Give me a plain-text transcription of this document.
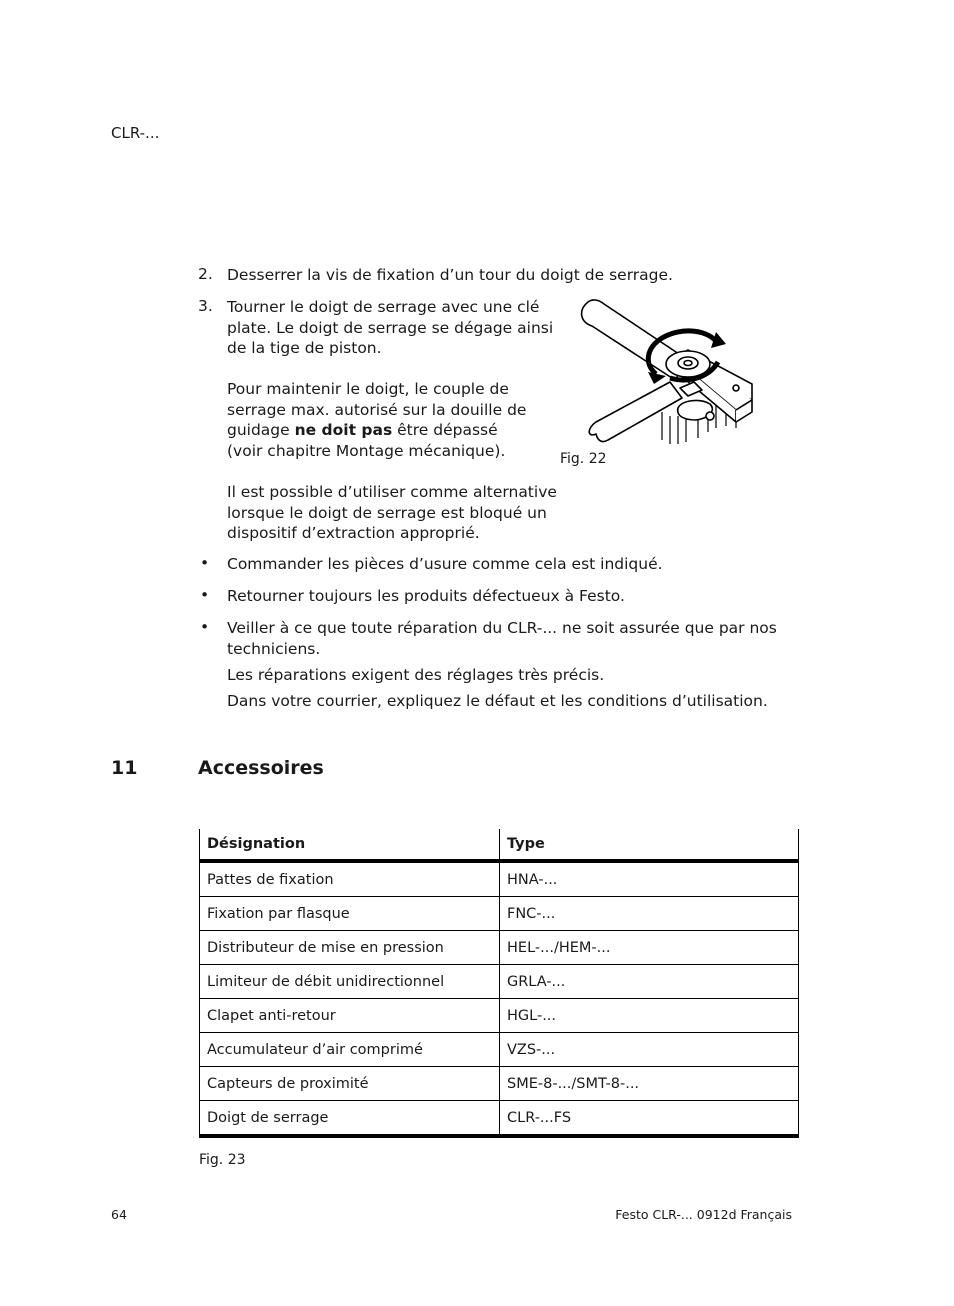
CLR-...
2. Desserrer la vis de fixation d’un tour du doigt de serrage.
3. Tourner le doigt de serrage avec une clé
plate. Le doigt de serrage se dégage ainsi
de la tige de piston.
Pour maintenir le doigt, le couple de
serrage max. autorisé sur la douille de
guidage ne doit pas être dépassé
(voir chapitre Montage mécanique).
Il est possible d’utiliser comme alternative
lorsque le doigt de serrage est bloqué un
dispositif d’extraction approprié.
Fig. 22
• Commander les pièces d’usure comme cela est indiqué.
• Retourner toujours les produits défectueux à Festo.
• Veiller à ce que toute réparation du CLR-... ne soit assurée que par nos
techniciens.
Les réparations exigent des réglages très précis.
Dans votre courrier, expliquez le défaut et les conditions d’utilisation.
11	Accessoires
Désignation	Type
Pattes de fixation	HNA-...
Fixation par flasque	FNC-...
Distributeur de mise en pression	HEL-.../HEM-...
Limiteur de débit unidirectionnel	GRLA-...
Clapet anti-retour	HGL-...
Accumulateur d’air comprimé	VZS-...
Capteurs de proximité	SME-8-.../SMT-8-...
Doigt de serrage	CLR-...FS
Fig. 23
64	Festo CLR-... 0912d Français
